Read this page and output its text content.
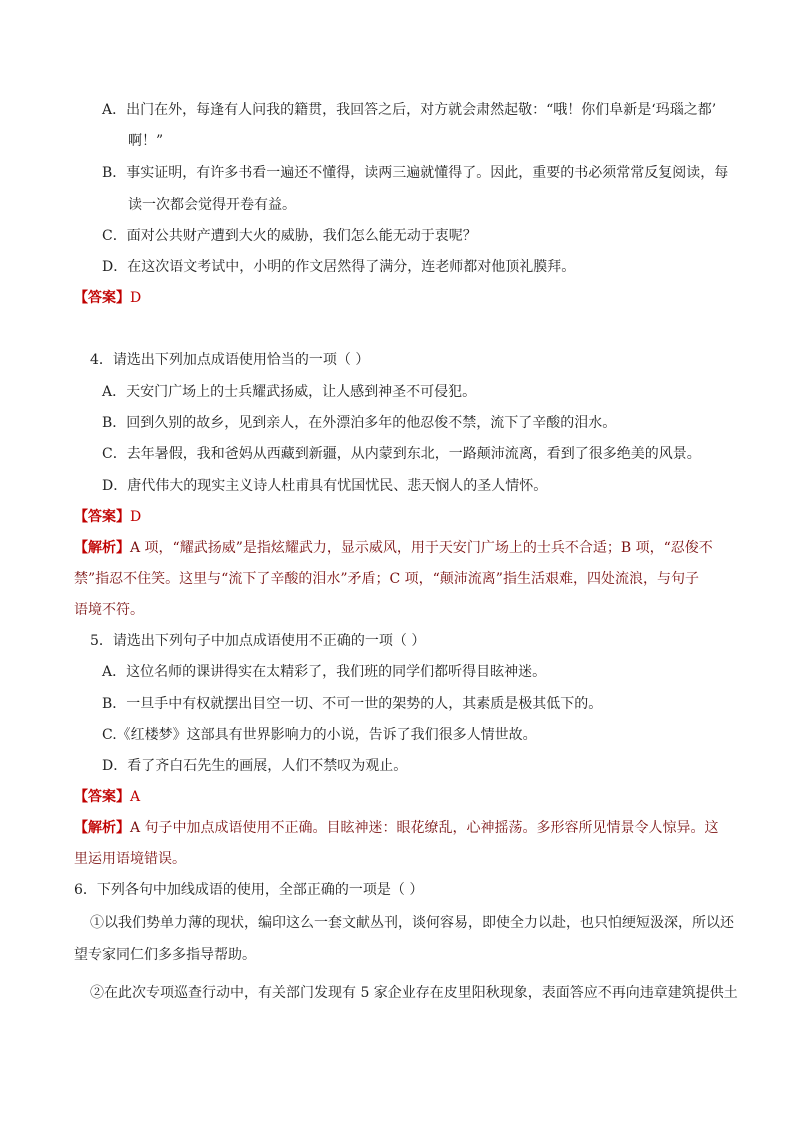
A．出门在外，每逢有人问我的籍贯，我回答之后，对方就会肃然起敬：“哦！你们阜新是‘玛瑙之都’
啊！”
B．事实证明，有许多书看一遍还不懂得，读两三遍就懂得了。因此，重要的书必须常常反复阅读，每
读一次都会觉得开卷有益。
C．面对公共财产遭到大火的威胁，我们怎么能无动于衷呢？
D．在这次语文考试中，小明的作文居然得了满分，连老师都对他顶礼膜拜。
【答案】D
4．请选出下列加点成语使用恰当的一项（ ）
A．天安门广场上的士兵耀武扬威，让人感到神圣不可侵犯。
B．回到久别的故乡，见到亲人，在外漂泊多年的他忍俊不禁，流下了辛酸的泪水。
C．去年暑假，我和爸妈从西藏到新疆，从内蒙到东北，一路颠沛流离，看到了很多绝美的风景。
D．唐代伟大的现实主义诗人杜甫具有忧国忧民、悲天悯人的圣人情怀。
【答案】D
【解析】A 项，“耀武扬威”是指炫耀武力，显示威风，用于天安门广场上的士兵不合适；B 项，“忍俊不
禁”指忍不住笑。这里与“流下了辛酸的泪水”矛盾；C 项，“颠沛流离”指生活艰难，四处流浪，与句子
语境不符。
5．请选出下列句子中加点成语使用不正确的一项（ ）
A．这位名师的课讲得实在太精彩了，我们班的同学们都听得目眩神迷。
B．一旦手中有权就摆出目空一切、不可一世的架势的人，其素质是极其低下的。
C.《红楼梦》这部具有世界影响力的小说，告诉了我们很多人情世故。
D．看了齐白石先生的画展，人们不禁叹为观止。
【答案】A
【解析】A 句子中加点成语使用不正确。目眩神迷：眼花缭乱，心神摇荡。多形容所见情景令人惊异。这
里运用语境错误。
6．下列各句中加线成语的使用，全部正确的一项是（ ）
①以我们势单力薄的现状，编印这么一套文献丛刊，谈何容易，即使全力以赴，也只怕绠短汲深，所以还
望专家同仁们多多指导帮助。
②在此次专项巡查行动中，有关部门发现有 5 家企业存在皮里阳秋现象，表面答应不再向违章建筑提供土
